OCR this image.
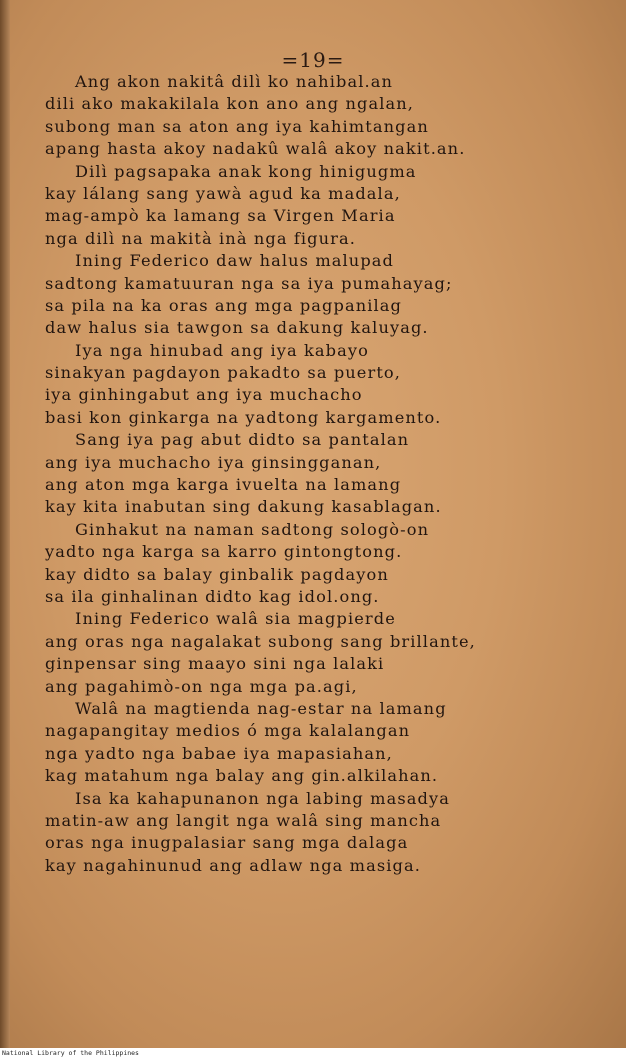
=19=
Ang akon nakitâ dilì ko nahibal.an
dili ako makakilala kon ano ang ngalan,
subong man sa aton ang iya kahimtangan
apang hasta akoy nadakû walâ akoy nakit.an.
Dilì pagsapaka anak kong hinigugma
kay lálang sang yawà agud ka madala,
mag-ampò ka lamang sa Virgen Maria
nga dilì na makità inà nga figura.
Ining Federico daw halus malupad
sadtong kamatuuran nga sa iya pumahayag;
sa pila na ka oras ang mga pagpanilag
daw halus sia tawgon sa dakung kaluyag.
Iya nga hinubad ang iya kabayo
sinakyan pagdayon pakadto sa puerto,
iya ginhingabut ang iya muchacho
basi kon ginkarga na yadtong kargamento.
Sang iya pag abut didto sa pantalan
ang iya muchacho iya ginsingganan,
ang aton mga karga ivuelta na lamang
kay kita inabutan sing dakung kasablagan.
Ginhakut na naman sadtong sologò-on
yadto nga karga sa karro gintongtong.
kay didto sa balay ginbalik pagdayon
sa ila ginhalinan didto kag idol.ong.
Ining Federico walâ sia magpierde
ang oras nga nagalakat subong sang brillante,
ginpensar sing maayo sini nga lalaki
ang pagahimò-on nga mga pa.agi,
Walâ na magtienda nag-estar na lamang
nagapangitay medios ó mga kalalangan
nga yadto nga babae iya mapasiahan,
kag matahum nga balay ang gin.alkilahan.
Isa ka kahapunanon nga labing masadya
matin-aw ang langit nga walâ sing mancha
oras nga inugpalasiar sang mga dalaga
kay nagahinunud ang adlaw nga masiga.
National Library of the Philippines
